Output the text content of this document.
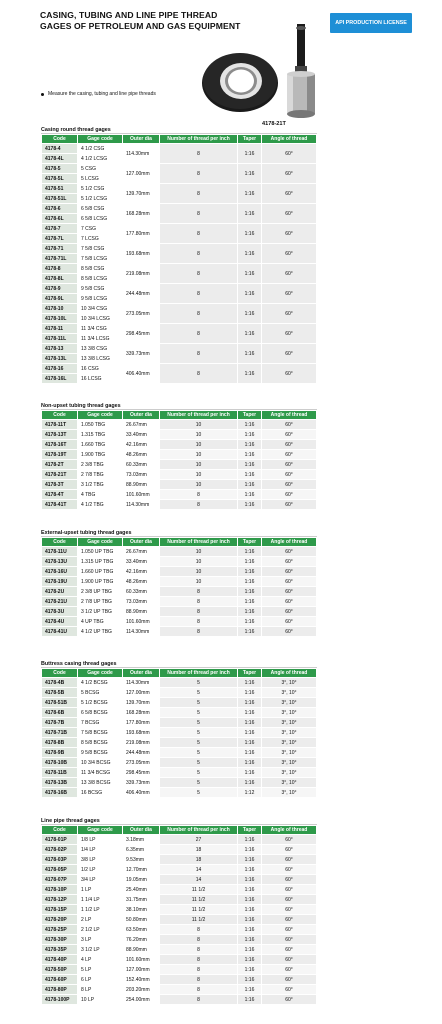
CASING, TUBING AND LINE PIPE THREAD
GAGES OF PETROLEUM AND GAS EQUIPMENT	API PRODUCTION LICENSE
4178-21T
Measure the casing, tubing and line pipe threads
Casing round thread gages
Code	Gage code	Outer dia	Number of thread per inch	Taper	Angle of thread
4178-4	4 1/2 CSG	114.30mm	8	1:16	60°
4178-4L	4 1/2 LCSG				
4178-5	5 CSG	127.00mm	8	1:16	60°
4178-5L	5 LCSG				
4178-51	5 1/2 CSG	139.70mm	8	1:16	60°
4178-51L	5 1/2 LCSG				
4178-6	6 5/8 CSG	168.28mm	8	1:16	60°
4178-6L	6 5/8 LCSG				
4178-7	7 CSG	177.80mm	8	1:16	60°
4178-7L	7 LCSG				
4178-71	7 5/8 CSG	193.68mm	8	1:16	60°
4178-71L	7 5/8 LCSG				
4178-8	8 5/8 CSG	219.08mm	8	1:16	60°
4178-8L	8 5/8 LCSG				
4178-9	9 5/8 CSG	244.48mm	8	1:16	60°
4178-9L	9 5/8 LCSG				
4178-10	10 3/4 CSG	273.05mm	8	1:16	60°
4178-10L	10 3/4 LCSG				
4178-11	11 3/4 CSG	298.45mm	8	1:16	60°
4178-11L	11 3/4 LCSG				
4178-13	13 3/8 CSG	339.73mm	8	1:16	60°
4178-13L	13 3/8 LCSG				
4178-16	16 CSG	406.40mm	8	1:16	60°
4178-16L	16 LCSG				
Non-upset tubing thread gages
Code	Gage code	Outer dia	Number of thread per inch	Taper	Angle of thread
4178-11T	1.050 TBG	26.67mm	10	1:16	60°
4178-13T	1.315 TBG	33.40mm	10	1:16	60°
4178-16T	1.660 TBG	42.16mm	10	1:16	60°
4178-19T	1.900 TBG	48.26mm	10	1:16	60°
4178-2T	2 3/8 TBG	60.33mm	10	1:16	60°
4178-21T	2 7/8 TBG	73.03mm	10	1:16	60°
4178-3T	3 1/2 TBG	88.90mm	10	1:16	60°
4178-4T	4 TBG	101.60mm	8	1:16	60°
4178-41T	4 1/2 TBG	114.30mm	8	1:16	60°
External-upset tubing thread gages
Code	Gage code	Outer dia	Number of thread per inch	Taper	Angle of thread
4178-11U	1.050 UP TBG	26.67mm	10	1:16	60°
4178-13U	1.315 UP TBG	33.40mm	10	1:16	60°
4178-16U	1.660 UP TBG	42.16mm	10	1:16	60°
4178-19U	1.900 UP TBG	48.26mm	10	1:16	60°
4178-2U	2 3/8 UP TBG	60.33mm	8	1:16	60°
4178-21U	2 7/8 UP TBG	73.03mm	8	1:16	60°
4178-3U	3 1/2 UP TBG	88.90mm	8	1:16	60°
4178-4U	4 UP TBG	101.60mm	8	1:16	60°
4178-41U	4 1/2 UP TBG	114.30mm	8	1:16	60°
Buttress casing thread gages
Code	Gage code	Outer dia	Number of thread per inch	Taper	Angle of thread
4178-4B	4 1/2 BCSG	114.30mm	5	1:16	3°, 10°
4178-5B	5 BCSG	127.00mm	5	1:16	3°, 10°
4178-51B	5 1/2 BCSG	139.70mm	5	1:16	3°, 10°
4178-6B	6 5/8 BCSG	168.28mm	5	1:16	3°, 10°
4178-7B	7 BCSG	177.80mm	5	1:16	3°, 10°
4178-71B	7 5/8 BCSG	193.68mm	5	1:16	3°, 10°
4178-8B	8 5/8 BCSG	219.08mm	5	1:16	3°, 10°
4178-9B	9 5/8 BCSG	244.48mm	5	1:16	3°, 10°
4178-10B	10 3/4 BCSG	273.05mm	5	1:16	3°, 10°
4178-11B	11 3/4 BCSG	298.45mm	5	1:16	3°, 10°
4178-13B	13 3/8 BCSG	339.73mm	5	1:16	3°, 10°
4178-16B	16 BCSG	406.40mm	5	1:12	3°, 10°
Line pipe thread gages
Code	Gage code	Outer dia	Number of thread per inch	Taper	Angle of thread
4178-01P	1/8 LP	3.18mm	27	1:16	60°
4178-02P	1/4 LP	6.35mm	18	1:16	60°
4178-03P	3/8 LP	9.53mm	18	1:16	60°
4178-05P	1/2 LP	12.70mm	14	1:16	60°
4178-07P	3/4 LP	19.05mm	14	1:16	60°
4178-10P	1 LP	25.40mm	11 1/2	1:16	60°
4178-12P	1 1/4 LP	31.75mm	11 1/2	1:16	60°
4178-15P	1 1/2 LP	38.10mm	11 1/2	1:16	60°
4178-20P	2 LP	50.80mm	11 1/2	1:16	60°
4178-25P	2 1/2 LP	63.50mm	8	1:16	60°
4178-30P	3 LP	76.20mm	8	1:16	60°
4178-35P	3 1/2 LP	88.90mm	8	1:16	60°
4178-40P	4 LP	101.60mm	8	1:16	60°
4178-50P	5 LP	127.00mm	8	1:16	60°
4178-60P	6 LP	152.40mm	8	1:16	60°
4178-80P	8 LP	203.20mm	8	1:16	60°
4178-100P	10 LP	254.00mm	8	1:16	60°
